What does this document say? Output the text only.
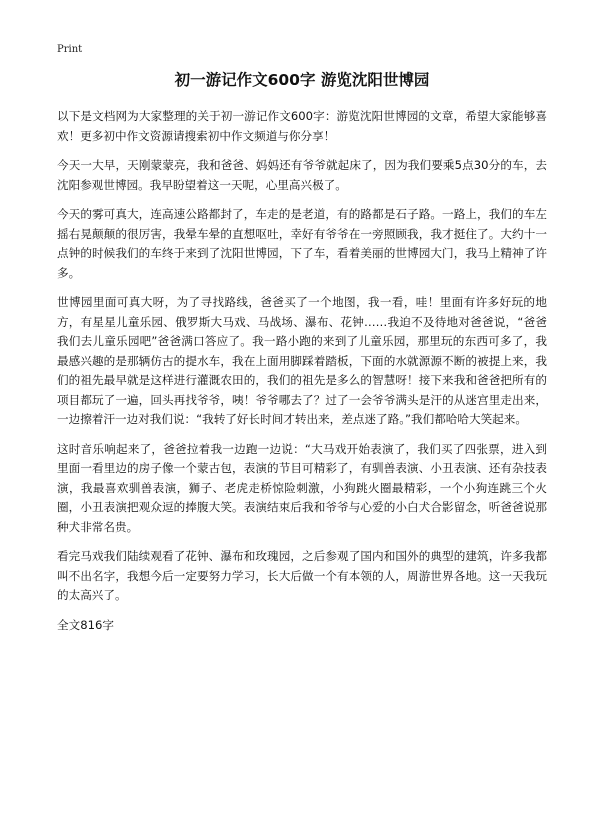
Print
初一游记作文600字 游览沈阳世博园

以下是文档网为大家整理的关于初一游记作文600字：游览沈阳世博园的文章，希望大家能够喜欢！更多初中作文资源请搜索初中作文频道与你分享！

今天一大早，天刚蒙蒙亮，我和爸爸、妈妈还有爷爷就起床了，因为我们要乘5点30分的车，去沈阳参观世博园。我早盼望着这一天呢，心里高兴极了。

今天的雾可真大，连高速公路都封了，车走的是老道，有的路都是石子路。一路上，我们的车左摇右晃颠颠的很厉害，我晕车晕的直想呕吐，幸好有爷爷在一旁照顾我，我才挺住了。大约十一点钟的时候我们的车终于来到了沈阳世博园，下了车，看着美丽的世博园大门，我马上精神了许多。

世博园里面可真大呀，为了寻找路线，爸爸买了一个地图，我一看，哇！里面有许多好玩的地方，有星星儿童乐园、俄罗斯大马戏、马战场、瀑布、花钟……我迫不及待地对爸爸说，“爸爸我们去儿童乐园吧”爸爸满口答应了。我一路小跑的来到了儿童乐园，那里玩的东西可多了，我最感兴趣的是那辆仿古的提水车，我在上面用脚踩着踏板，下面的水就源源不断的被提上来，我们的祖先最早就是这样进行灌溉农田的，我们的祖先是多么的智慧呀！接下来我和爸爸把所有的项目都玩了一遍，回头再找爷爷，咦！爷爷哪去了？过了一会爷爷满头是汗的从迷宫里走出来，一边擦着汗一边对我们说：“我转了好长时间才转出来，差点迷了路。”我们都哈哈大笑起来。

这时音乐响起来了，爸爸拉着我一边跑一边说：“大马戏开始表演了，我们买了四张票，进入到里面一看里边的房子像一个蒙古包，表演的节目可精彩了，有驯兽表演、小丑表演、还有杂技表演，我最喜欢驯兽表演，狮子、老虎走桥惊险刺激，小狗跳火圈最精彩，一个小狗连跳三个火圈，小丑表演把观众逗的捧腹大笑。表演结束后我和爷爷与心爱的小白犬合影留念，听爸爸说那种犬非常名贵。

看完马戏我们陆续观看了花钟、瀑布和玫瑰园，之后参观了国内和国外的典型的建筑，许多我都叫不出名字，我想今后一定要努力学习，长大后做一个有本领的人，周游世界各地。这一天我玩的太高兴了。

全文816字
